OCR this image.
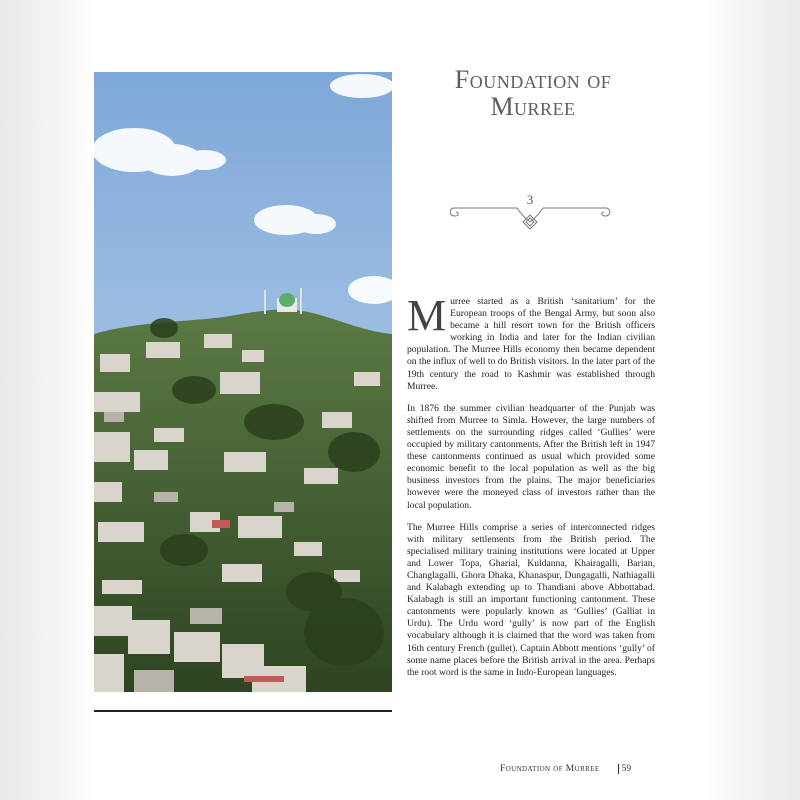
Foundation of
Murree
3

Murree started as a British ‘sanitarium’ for the European troops of the Bengal Army, but soon also became a hill resort town for the British officers working in India and later for the Indian civilian population. The Murree Hills economy then became dependent on the influx of well to do British visitors. In the later part of the 19th century the road to Kashmir was established through Murree.

In 1876 the summer civilian headquarter of the Punjab was shifted from Murree to Simla. However, the large numbers of settlements on the surrounding ridges called ‘Gullies’ were occupied by military cantonments. After the British left in 1947 these cantonments continued as usual which provided some economic benefit to the local population as well as the big business investors from the plains. The major beneficiaries however were the moneyed class of investors rather than the local population.

The Murree Hills comprise a series of interconnected ridges with military settlements from the British period. The specialised military training institutions were located at Upper and Lower Topa, Gharial, Kuldanna, Khairagalli, Barian, Changlagalli, Ghora Dhaka, Khanaspur, Dungagalli, Nathiagalli and Kalabagh extending up to Thandiani above Abbottabad. Kalabagh is still an important functioning cantonment. These cantonments were popularly known as ‘Gullies’ (Galliat in Urdu). The Urdu word ‘gully’ is now part of the English vocabulary although it is claimed that the word was taken from 16th century French (gullet). Captain Abbott mentions ‘gully’ of some name places before the British arrival in the area. Perhaps the root word is the same in Indo-European languages.

Foundation of Murree 59
